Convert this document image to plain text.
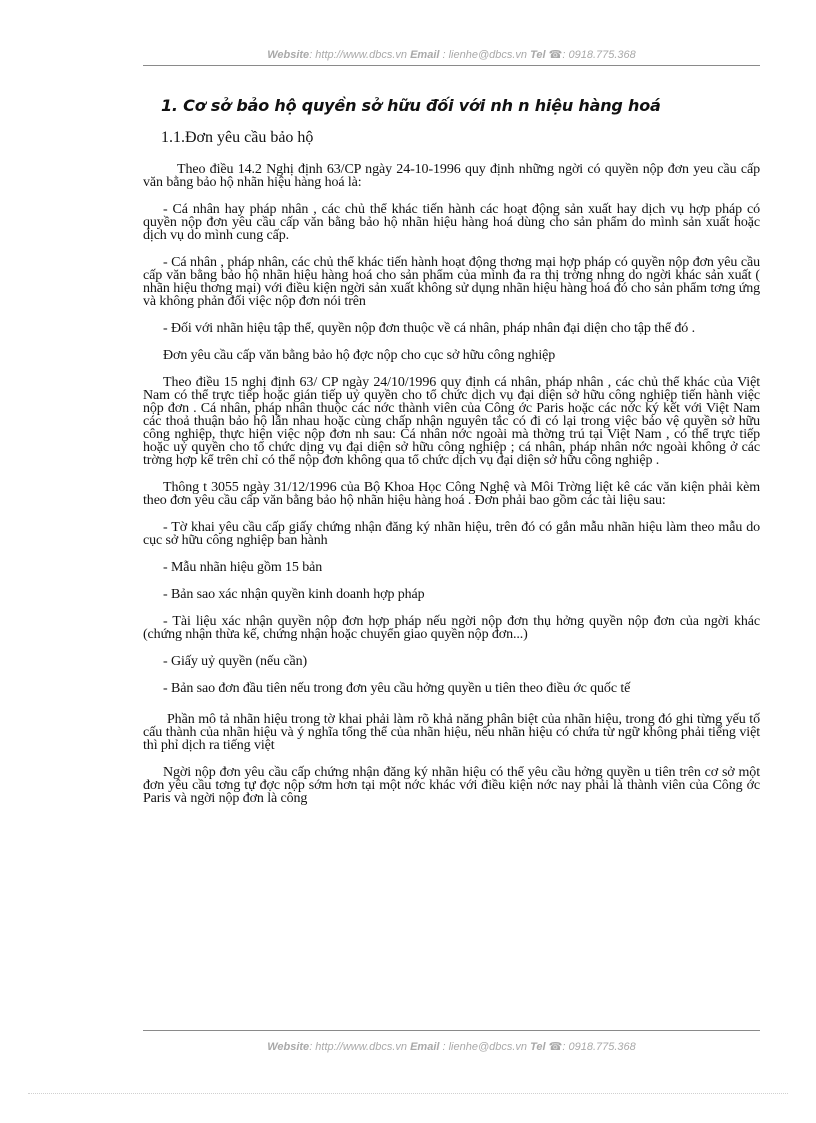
Website: http://www.dbcs.vn Email : lienhe@dbcs.vn Tel ☎: 0918.775.368
1. Cơ sở bảo hộ quyền sở hữu đối với nh n hiệu hàng hoá
1.1.Đơn yêu cầu bảo hộ

Theo điều 14.2 Nghị định 63/CP ngày 24-10-1996 quy định những ngời có quyền nộp đơn yeu cầu cấp văn bằng bảo hộ nhãn hiệu hàng hoá là:

- Cá nhân hay pháp nhân , các chủ thể khác tiến hành các hoạt động sản xuất hay dịch vụ hợp pháp có quyền nộp đơn yêu cầu cấp văn bằng bảo hộ nhãn hiệu hàng hoá dùng cho sản phẩm do mình sản xuất hoặc dịch vụ do mình cung cấp.

- Cá nhân , pháp nhân, các chủ thể khác tiến hành hoạt động thơng mại hợp pháp có quyền nộp đơn yêu cầu cấp văn bằng bảo hộ nhãn hiệu hàng hoá cho sản phẩm của mình đa ra thị trờng nhng do ngời khác sản xuất ( nhãn hiệu thơng mại) với điều kiện ngời sản xuất không sử dụng nhãn hiệu hàng hoá đó cho sản phẩm tơng ứng và không phản đối việc nộp đơn nói trên

- Đối với nhãn hiệu tập thể, quyền nộp đơn thuộc về cá nhân, pháp nhân đại diện cho tập thể đó .

Đơn yêu cầu cấp văn bằng bảo hộ đợc nộp cho cục sở hữu công nghiệp

Theo điều 15 nghị định 63/ CP ngày 24/10/1996 quy định cá nhân, pháp nhân , các chủ thể khác của Việt Nam có thể trực tiếp hoặc gián tiếp uỷ quyền cho tổ chức dịch vụ đại diện sở hữu công nghiệp tiến hành việc nộp đơn . Cá nhân, pháp nhân thuộc các nớc thành viên của Công ớc Paris hoặc các nớc ký kết với Việt Nam các thoả thuận bảo hộ lẫn nhau hoặc cùng chấp nhận nguyên tắc có đi có lại trong việc bảo vệ quyền sở hữu công nghiệp, thực hiện việc nộp đơn nh sau: Cá nhân nớc ngoài mà thờng trú tại Việt Nam , có thể trực tiếp hoặc uỷ quyền cho tổ chức dịng vụ đại diện sở hữu công nghiệp ; cá nhân, pháp nhân nớc ngoài không ở các trờng hợp kể trên chỉ có thể nộp đơn không qua tổ chức dịch vụ đại diện sở hữu công nghiệp .

Thông t 3055 ngày 31/12/1996 của Bộ Khoa Học Công Nghệ và Môi Trờng liệt kê các văn kiện phải kèm theo đơn yêu cầu cấp văn bằng bảo hộ nhãn hiệu hàng hoá . Đơn phải bao gồm các tài liệu sau:

- Tờ khai yêu cầu cấp giấy chứng nhận đăng ký nhãn hiệu, trên đó có gắn mẫu nhãn hiệu làm theo mẫu do cục sở hữu công nghiệp ban hành

- Mẫu nhãn hiệu gồm 15 bản

- Bản sao xác nhận quyền kinh doanh hợp pháp

- Tài liệu xác nhận quyền nộp đơn hợp pháp nếu ngời nộp đơn thụ hởng quyền nộp đơn của ngời khác (chứng nhận thừa kế, chứng nhận hoặc chuyển giao quyền nộp đơn...)

- Giấy uỷ quyền (nếu cần)

- Bản sao đơn đầu tiên nếu trong đơn yêu cầu hởng quyền u tiên theo điều ớc quốc tế

Phần mô tả nhãn hiệu trong tờ khai phải làm rõ khả năng phân biệt của nhãn hiệu, trong đó ghi từng yếu tố cấu thành của nhãn hiệu và ý nghĩa tổng thể của nhãn hiệu, nếu nhãn hiệu có chứa từ ngữ không phải tiếng việt thì phỉ dịch ra tiếng việt

Ngời nộp đơn yêu cầu cấp chứng nhận đăng ký nhãn hiệu có thể yêu cầu hởng quyền u tiên trên cơ sở một đơn yêu cầu tơng tự đợc nộp sớm hơn tại một nớc khác với điều kiện nớc nay phải là thành viên của Công ớc Paris và ngời nộp đơn là công

Website: http://www.dbcs.vn Email : lienhe@dbcs.vn Tel ☎: 0918.775.368
